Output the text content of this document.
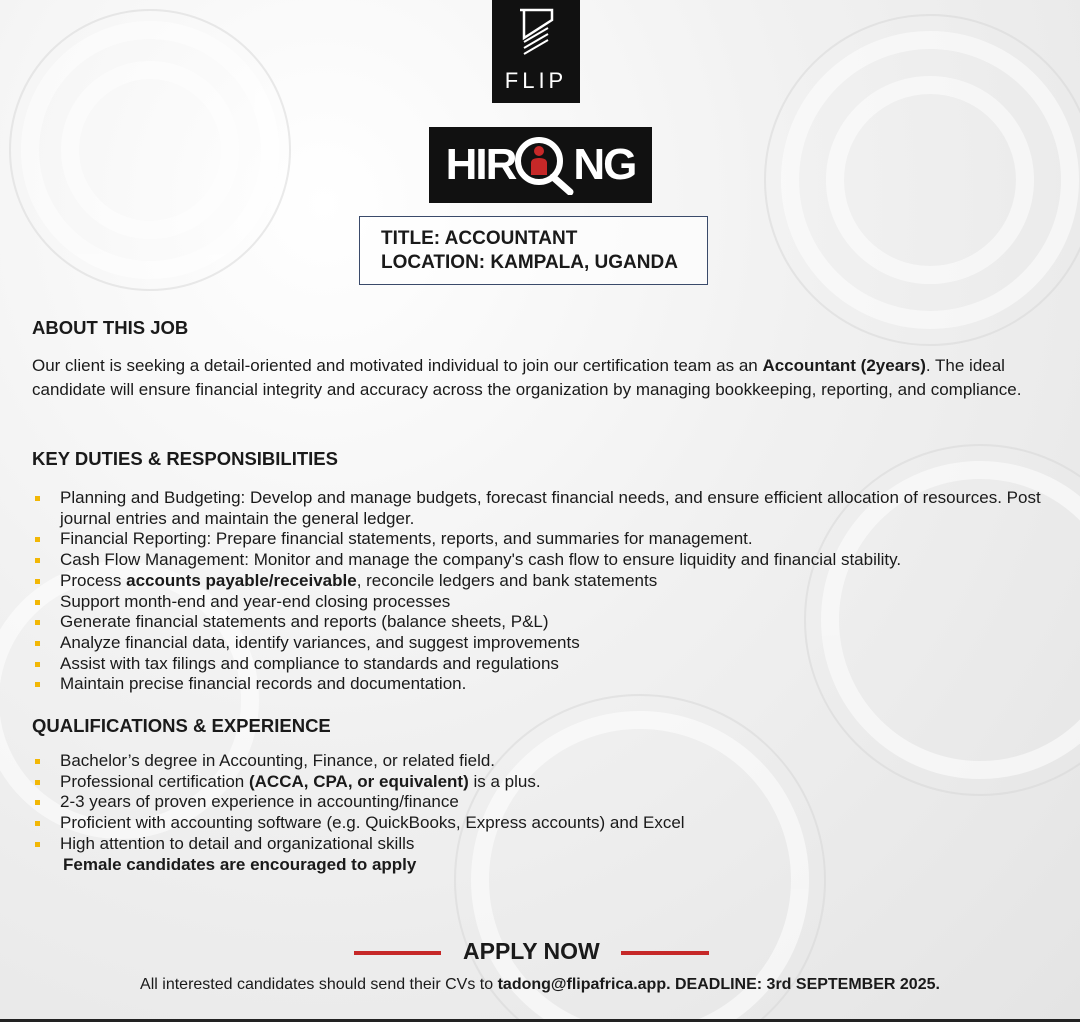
FLIP
HIR NG
TITLE: ACCOUNTANT
LOCATION: KAMPALA, UGANDA
ABOUT THIS JOB
Our client is seeking a detail-oriented and motivated individual to join our certification team as an Accountant (2years). The ideal candidate will ensure financial integrity and accuracy across the organization by managing bookkeeping, reporting, and compliance.
KEY DUTIES & RESPONSIBILITIES
Planning and Budgeting: Develop and manage budgets, forecast financial needs, and ensure efficient allocation of resources. Post journal entries and maintain the general ledger.
Financial Reporting: Prepare financial statements, reports, and summaries for management.
Cash Flow Management: Monitor and manage the company's cash flow to ensure liquidity and financial stability.
Process accounts payable/receivable, reconcile ledgers and bank statements
Support month-end and year-end closing processes
Generate financial statements and reports (balance sheets, P&L)
Analyze financial data, identify variances, and suggest improvements
Assist with tax filings and compliance to standards and regulations
Maintain precise financial records and documentation.
QUALIFICATIONS & EXPERIENCE
Bachelor’s degree in Accounting, Finance, or related field.
Professional certification (ACCA, CPA, or equivalent) is a plus.
2-3 years of proven experience in accounting/finance
Proficient with accounting software (e.g. QuickBooks, Express accounts) and Excel
High attention to detail and organizational skills
Female candidates are encouraged to apply
APPLY NOW
All interested candidates should send their CVs to tadong@flipafrica.app. DEADLINE: 3rd SEPTEMBER 2025.
